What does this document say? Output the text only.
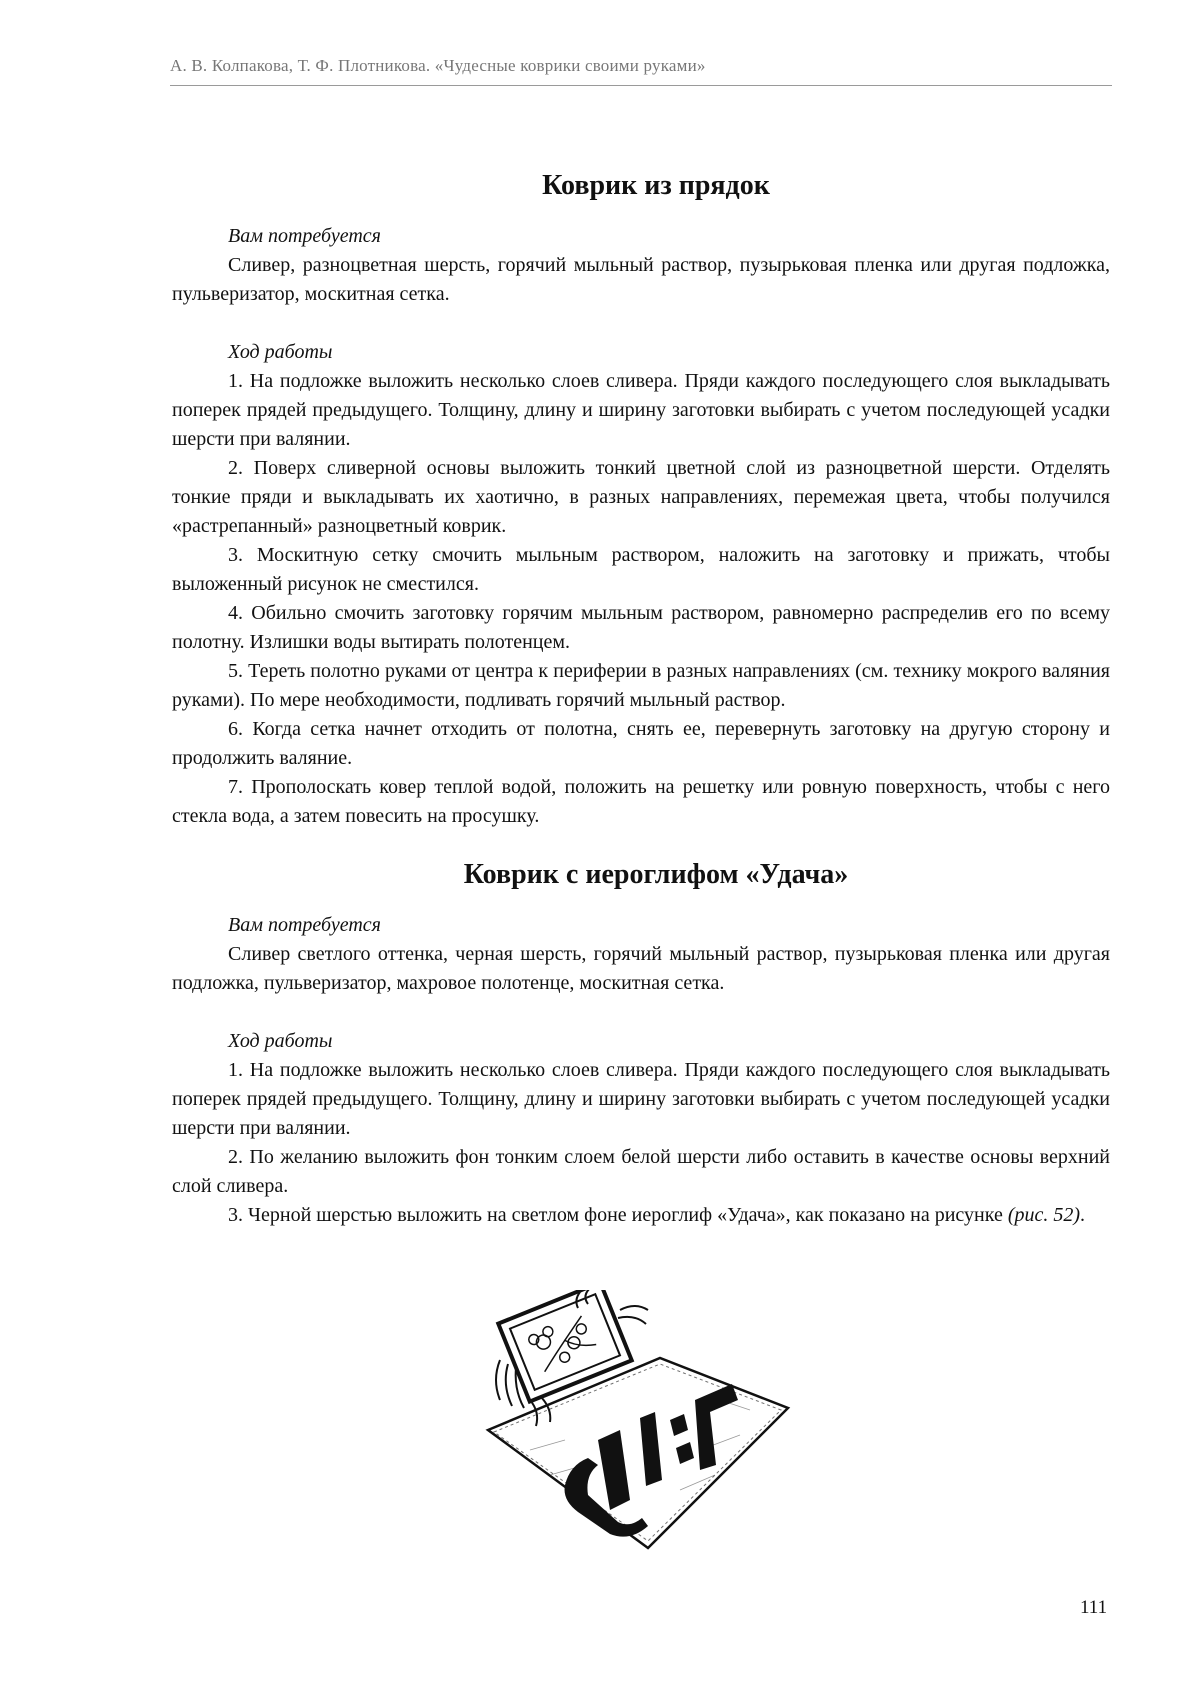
А. В. Колпакова, Т. Ф. Плотникова. «Чудесные коврики своими руками»
Коврик из прядок

Вам потребуется

Сливер, разноцветная шерсть, горячий мыльный раствор, пузырьковая пленка или другая подложка, пульверизатор, москитная сетка.

Ход работы

1. На подложке выложить несколько слоев сливера. Пряди каждого последующего слоя выкладывать поперек прядей предыдущего. Толщину, длину и ширину заготовки выбирать с учетом последующей усадки шерсти при валянии.

2. Поверх сливерной основы выложить тонкий цветной слой из разноцветной шерсти. Отделять тонкие пряди и выкладывать их хаотично, в разных направлениях, перемежая цвета, чтобы получился «растрепанный» разноцветный коврик.

3. Москитную сетку смочить мыльным раствором, наложить на заготовку и прижать, чтобы выложенный рисунок не сместился.

4. Обильно смочить заготовку горячим мыльным раствором, равномерно распределив его по всему полотну. Излишки воды вытирать полотенцем.

5. Тереть полотно руками от центра к периферии в разных направлениях (см. технику мокрого валяния руками). По мере необходимости, подливать горячий мыльный раствор.

6. Когда сетка начнет отходить от полотна, снять ее, перевернуть заготовку на другую сторону и продолжить валяние.

7. Прополоскать ковер теплой водой, положить на решетку или ровную поверхность, чтобы с него стекла вода, а затем повесить на просушку.

Коврик с иероглифом «Удача»

Вам потребуется

Сливер светлого оттенка, черная шерсть, горячий мыльный раствор, пузырьковая пленка или другая подложка, пульверизатор, махровое полотенце, москитная сетка.

Ход работы

1. На подложке выложить несколько слоев сливера. Пряди каждого последующего слоя выкладывать поперек прядей предыдущего. Толщину, длину и ширину заготовки выбирать с учетом последующей усадки шерсти при валянии.

2. По желанию выложить фон тонким слоем белой шерсти либо оставить в качестве основы верхний слой сливера.

3. Черной шерстью выложить на светлом фоне иероглиф «Удача», как показано на рисунке (рис. 52).

111
